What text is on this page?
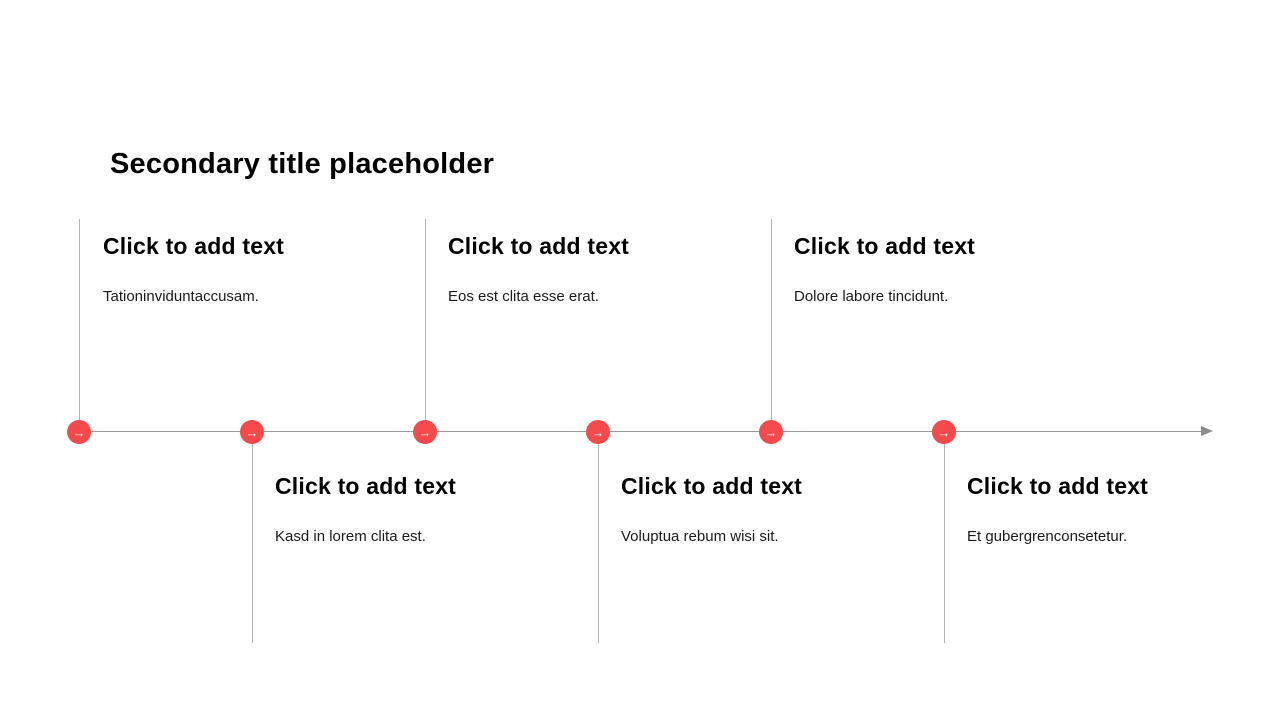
Secondary title placeholder
→	→	→	→	→	→
Click to add text

Tationinviduntaccusam.

Click to add text

Kasd in lorem clita est.

Click to add text

Eos est clita esse erat.

Click to add text

Voluptua rebum wisi sit.

Click to add text

Dolore labore tincidunt.

Click to add text

Et gubergrenconsetetur.
